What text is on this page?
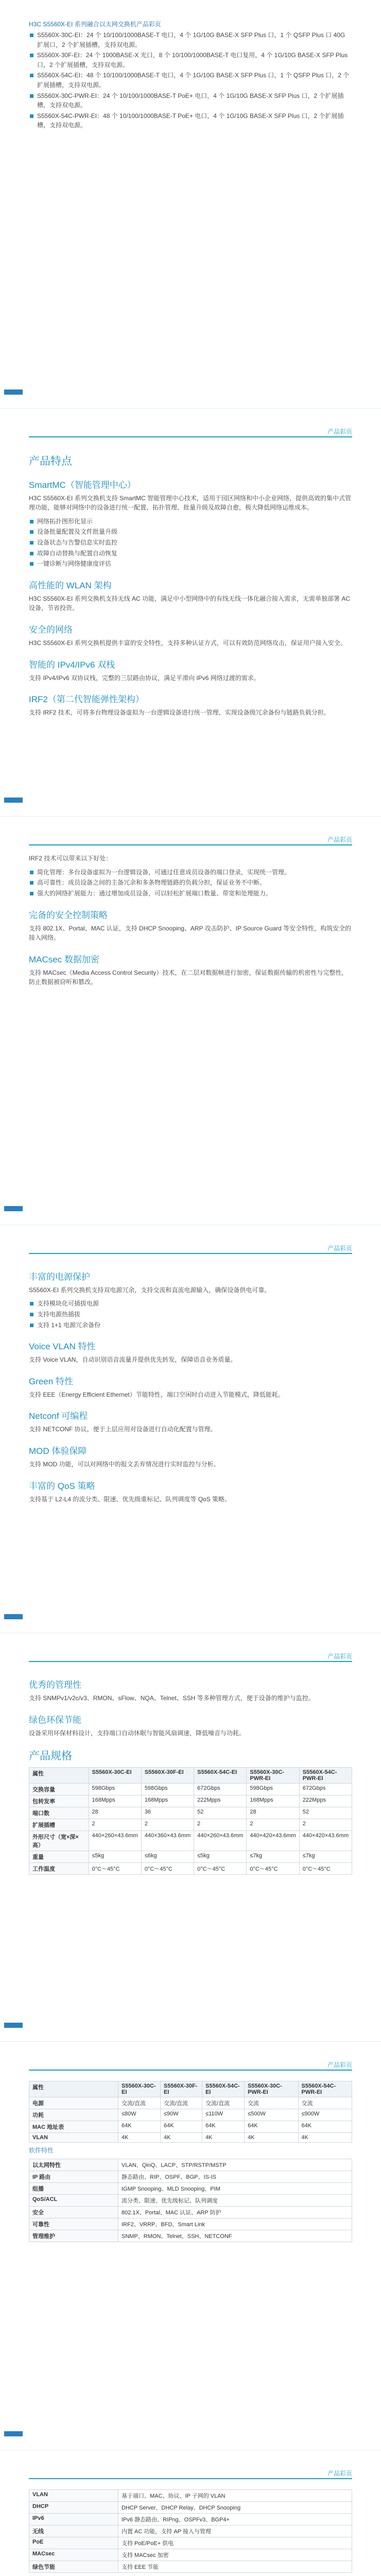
H3C S5560X-EI 系列融合以太网交换机产品彩页
S5560X-30C-EI：24 个 10/100/1000BASE-T 电口，4 个 1G/10G BASE-X SFP Plus 口，1 个 QSFP Plus 口 40G 扩展口，2 个扩展插槽，支持双电源。
S5560X-30F-EI：24 个 1000BASE-X 光口，8 个 10/100/1000BASE-T 电口复用，4 个 1G/10G BASE-X SFP Plus 口，2 个扩展插槽，支持双电源。
S5560X-54C-EI：48 个 10/100/1000BASE-T 电口，4 个 1G/10G BASE-X SFP Plus 口，1 个 QSFP Plus 口，2 个扩展插槽，支持双电源。
S5560X-30C-PWR-EI：24 个 10/100/1000BASE-T PoE+ 电口，4 个 1G/10G BASE-X SFP Plus 口，2 个扩展插槽，支持双电源。
S5560X-54C-PWR-EI：48 个 10/100/1000BASE-T PoE+ 电口，4 个 1G/10G BASE-X SFP Plus 口，2 个扩展插槽，支持双电源。
产品彩页
产品特点
SmartMC（智能管理中心）

H3C S5560X-EI 系列交换机支持 SmartMC 智能管理中心技术，适用于园区网络和中小企业网络，提供高效的集中式管理功能，能够对网络中的设备进行统一配置、拓扑管理、批量升级及故障自愈，极大降低网络运维成本。

网络拓扑图形化显示
设备批量配置及文件批量升级
设备状态与告警信息实时监控
故障自动替换与配置自动恢复
一键诊断与网络健康度评估
高性能的 WLAN 架构

H3C S5560X-EI 系列交换机支持无线 AC 功能，满足中小型网络中的有线无线一体化融合接入需求，无需单独部署 AC 设备，节省投资。

安全的网络

H3C S5560X-EI 系列交换机提供丰富的安全特性，支持多种认证方式，可以有效防范网络攻击，保证用户接入安全。

智能的 IPv4/IPv6 双栈

支持 IPv4/IPv6 双协议栈，完整的三层路由协议，满足平滑向 IPv6 网络过渡的需求。

IRF2（第二代智能弹性架构）

支持 IRF2 技术，可将多台物理设备虚拟为一台逻辑设备进行统一管理，实现设备级冗余备份与链路负载分担。

产品彩页

IRF2 技术可以带来以下好处：

简化管理：多台设备虚拟为一台逻辑设备，可通过任意成员设备的端口登录，实现统一管理。
高可靠性：成员设备之间的主备冗余和多条物理链路的负载分担，保证业务不中断。
强大的网络扩展能力：通过增加成员设备，可以轻松扩展端口数量、带宽和处理能力。
完备的安全控制策略

支持 802.1X、Portal、MAC 认证，支持 DHCP Snooping、ARP 攻击防护、IP Source Guard 等安全特性，构筑安全的接入网络。

MACsec 数据加密

支持 MACsec（Media Access Control Security）技术，在二层对数据帧进行加密，保证数据传输的机密性与完整性，防止数据被窃听和篡改。

产品彩页
丰富的电源保护

S5560X-EI 系列交换机支持双电源冗余，支持交流和直流电源输入，确保设备供电可靠。

支持模块化可插拔电源
支持电源热插拔
支持 1+1 电源冗余备份
Voice VLAN 特性

支持 Voice VLAN，自动识别语音流量并提供优先转发，保障语音业务质量。

Green 特性

支持 EEE（Energy Efficient Ethernet）节能特性，端口空闲时自动进入节能模式，降低能耗。

Netconf 可编程

支持 NETCONF 协议，便于上层应用对设备进行自动化配置与管理。

MOD 体验保障

支持 MOD 功能，可以对网络中的报文丢弃情况进行实时监控与分析。

丰富的 QoS 策略

支持基于 L2-L4 的流分类、限速、优先级重标记、队列调度等 QoS 策略。

产品彩页
优秀的管理性

支持 SNMPv1/v2c/v3、RMON、sFlow、NQA、Telnet、SSH 等多种管理方式，便于设备的维护与监控。

绿色环保节能

设备采用环保材料设计，支持端口自动休眠与智能风扇调速，降低噪音与功耗。

产品规格
属性	S5560X-30C-EI	S5560X-30F-EI	S5560X-54C-EI	S5560X-30C-PWR-EI	S5560X-54C-PWR-EI
交换容量	598Gbps	598Gbps	672Gbps	598Gbps	672Gbps
包转发率	168Mpps	168Mpps	222Mpps	168Mpps	222Mpps
端口数	28	36	52	28	52
扩展插槽	2	2	2	2	2
外形尺寸（宽×深×高）	440×260×43.6mm	440×360×43.6mm	440×260×43.6mm	440×420×43.6mm	440×420×43.6mm
重量	≤5kg	≤6kg	≤5kg	≤7kg	≤7kg
工作温度	0°C～45°C	0°C～45°C	0°C～45°C	0°C～45°C	0°C～45°C
产品彩页
属性	S5560X-30C-EI	S5560X-30F-EI	S5560X-54C-EI	S5560X-30C-PWR-EI	S5560X-54C-PWR-EI
电源	交流/直流	交流/直流	交流/直流	交流	交流
功耗	≤80W	≤90W	≤110W	≤500W	≤900W
MAC 地址表	64K	64K	64K	64K	64K
VLAN	4K	4K	4K	4K	4K
软件特性
以太网特性	VLAN、QinQ、LACP、STP/RSTP/MSTP
IP 路由	静态路由、RIP、OSPF、BGP、IS-IS
组播	IGMP Snooping、MLD Snooping、PIM
QoS/ACL	流分类、限速、优先级标记、队列调度
安全	802.1X、Portal、MAC 认证、ARP 防护
可靠性	IRF2、VRRP、BFD、Smart Link
管理维护	SNMP、RMON、Telnet、SSH、NETCONF
产品彩页
VLAN	基于端口、MAC、协议、IP 子网的 VLAN
DHCP	DHCP Server、DHCP Relay、DHCP Snooping
IPv6	IPv6 静态路由、RIPng、OSPFv3、BGP4+
无线	内置 AC 功能，支持 AP 接入与管理
PoE	支持 PoE/PoE+ 供电
MACsec	支持 MACsec 加密
绿色节能	支持 EEE 节能
